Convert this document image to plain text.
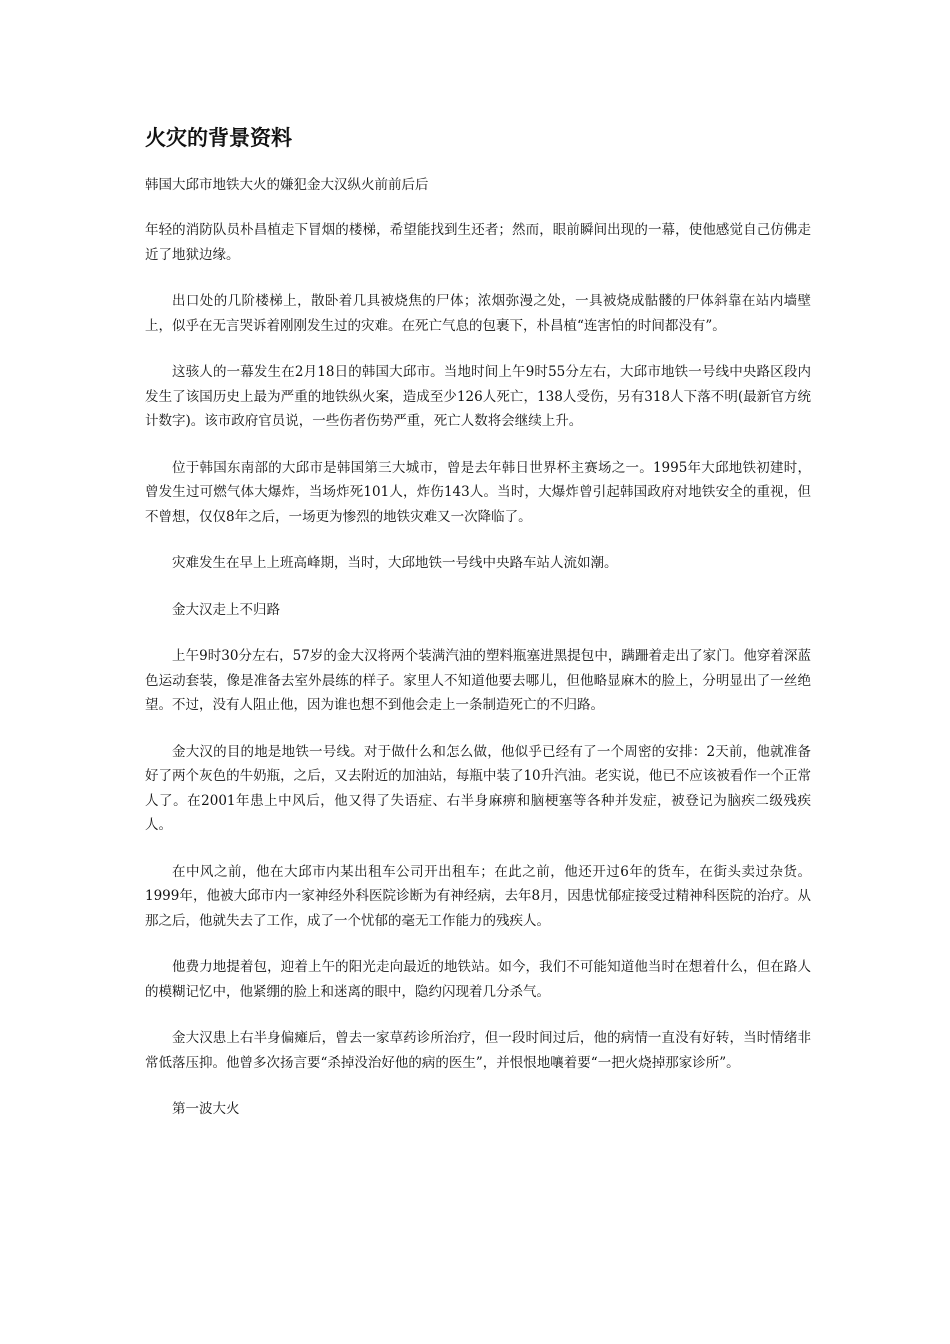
火灾的背景资料

韩国大邱市地铁大火的嫌犯金大汉纵火前前后后

年轻的消防队员朴昌植走下冒烟的楼梯，希望能找到生还者；然而，眼前瞬间出现的一幕，使他感觉自己仿佛走近了地狱边缘。

出口处的几阶楼梯上，散卧着几具被烧焦的尸体；浓烟弥漫之处，一具被烧成骷髅的尸体斜靠在站内墙壁上，似乎在无言哭诉着刚刚发生过的灾难。在死亡气息的包裹下，朴昌植“连害怕的时间都没有”。

这骇人的一幕发生在2月18日的韩国大邱市。当地时间上午9时55分左右，大邱市地铁一号线中央路区段内发生了该国历史上最为严重的地铁纵火案，造成至少126人死亡，138人受伤，另有318人下落不明(最新官方统计数字)。该市政府官员说，一些伤者伤势严重，死亡人数将会继续上升。

位于韩国东南部的大邱市是韩国第三大城市，曾是去年韩日世界杯主赛场之一。1995年大邱地铁初建时，曾发生过可燃气体大爆炸，当场炸死101人，炸伤143人。当时，大爆炸曾引起韩国政府对地铁安全的重视，但不曾想，仅仅8年之后，一场更为惨烈的地铁灾难又一次降临了。

灾难发生在早上上班高峰期，当时，大邱地铁一号线中央路车站人流如潮。

金大汉走上不归路

上午9时30分左右，57岁的金大汉将两个装满汽油的塑料瓶塞进黑提包中，蹒跚着走出了家门。他穿着深蓝色运动套装，像是准备去室外晨练的样子。家里人不知道他要去哪儿，但他略显麻木的脸上，分明显出了一丝绝望。不过，没有人阻止他，因为谁也想不到他会走上一条制造死亡的不归路。

金大汉的目的地是地铁一号线。对于做什么和怎么做，他似乎已经有了一个周密的安排：2天前，他就准备好了两个灰色的牛奶瓶，之后，又去附近的加油站，每瓶中装了10升汽油。老实说，他已不应该被看作一个正常人了。在2001年患上中风后，他又得了失语症、右半身麻痹和脑梗塞等各种并发症，被登记为脑疾二级残疾人。

在中风之前，他在大邱市内某出租车公司开出租车；在此之前，他还开过6年的货车，在街头卖过杂货。1999年，他被大邱市内一家神经外科医院诊断为有神经病，去年8月，因患忧郁症接受过精神科医院的治疗。从那之后，他就失去了工作，成了一个忧郁的毫无工作能力的残疾人。

他费力地提着包，迎着上午的阳光走向最近的地铁站。如今，我们不可能知道他当时在想着什么，但在路人的模糊记忆中，他紧绷的脸上和迷离的眼中，隐约闪现着几分杀气。

金大汉患上右半身偏瘫后，曾去一家草药诊所治疗，但一段时间过后，他的病情一直没有好转，当时情绪非常低落压抑。他曾多次扬言要“杀掉没治好他的病的医生”，并恨恨地嚷着要“一把火烧掉那家诊所”。

第一波大火
